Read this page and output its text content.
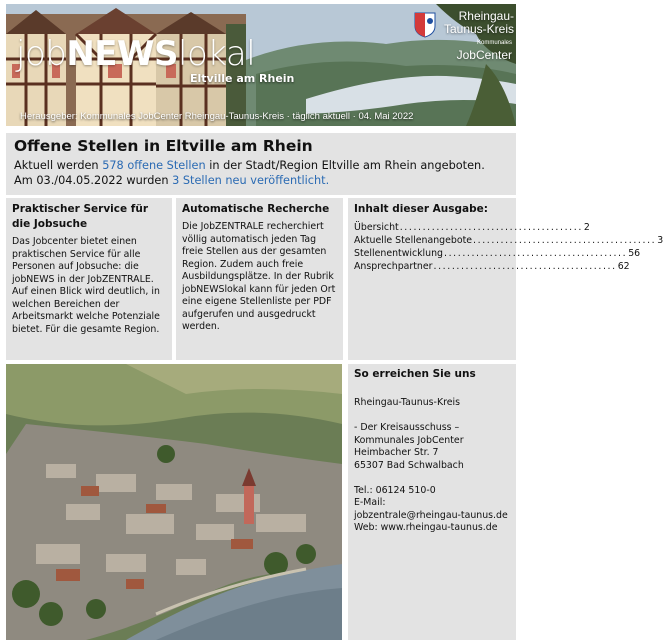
jobNEWSlokal
Eltville am Rhein
Rheingau-
Taunus-Kreis
Kommunales
JobCenter
Herausgeber: Kommunales JobCenter Rheingau-Taunus-Kreis · täglich aktuell · 04. Mai 2022
Offene Stellen in Eltville am Rhein

Aktuell werden 578 offene Stellen in der Stadt/Region Eltville am Rhein angeboten.

Am 03./04.05.2022 wurden 3 Stellen neu veröffentlicht.

Praktischer Service für die Jobsuche

Das Jobcenter bietet einen praktischen Service für alle Personen auf Jobsuche: die jobNEWS in der JobZENTRALE. Auf einen Blick wird deutlich, in welchen Bereichen der Arbeitsmarkt welche Potenziale bietet. Für die gesamte Region.

Automatische Recherche

Die JobZENTRALE recherchiert völlig automatisch jeden Tag freie Stellen aus der gesamten Region. Zudem auch freie Ausbildungsplätze. In der Rubrik jobNEWSlokal kann für jeden Ort eine eigene Stellenliste per PDF aufgerufen und ausgedruckt werden.

Inhalt dieser Ausgabe:
Übersicht ........................................ 2
Aktuelle Stellenangebote ........................................ 3
Stellenentwicklung ........................................ 56
Ansprechpartner ........................................ 62
So erreichen Sie uns

Rheingau-Taunus-Kreis

- Der Kreisausschuss –

Kommunales JobCenter

Heimbacher Str. 7

65307 Bad Schwalbach

Tel.: 06124 510-0

E-Mail:

jobzentrale@rheingau-taunus.de

Web: www.rheingau-taunus.de
